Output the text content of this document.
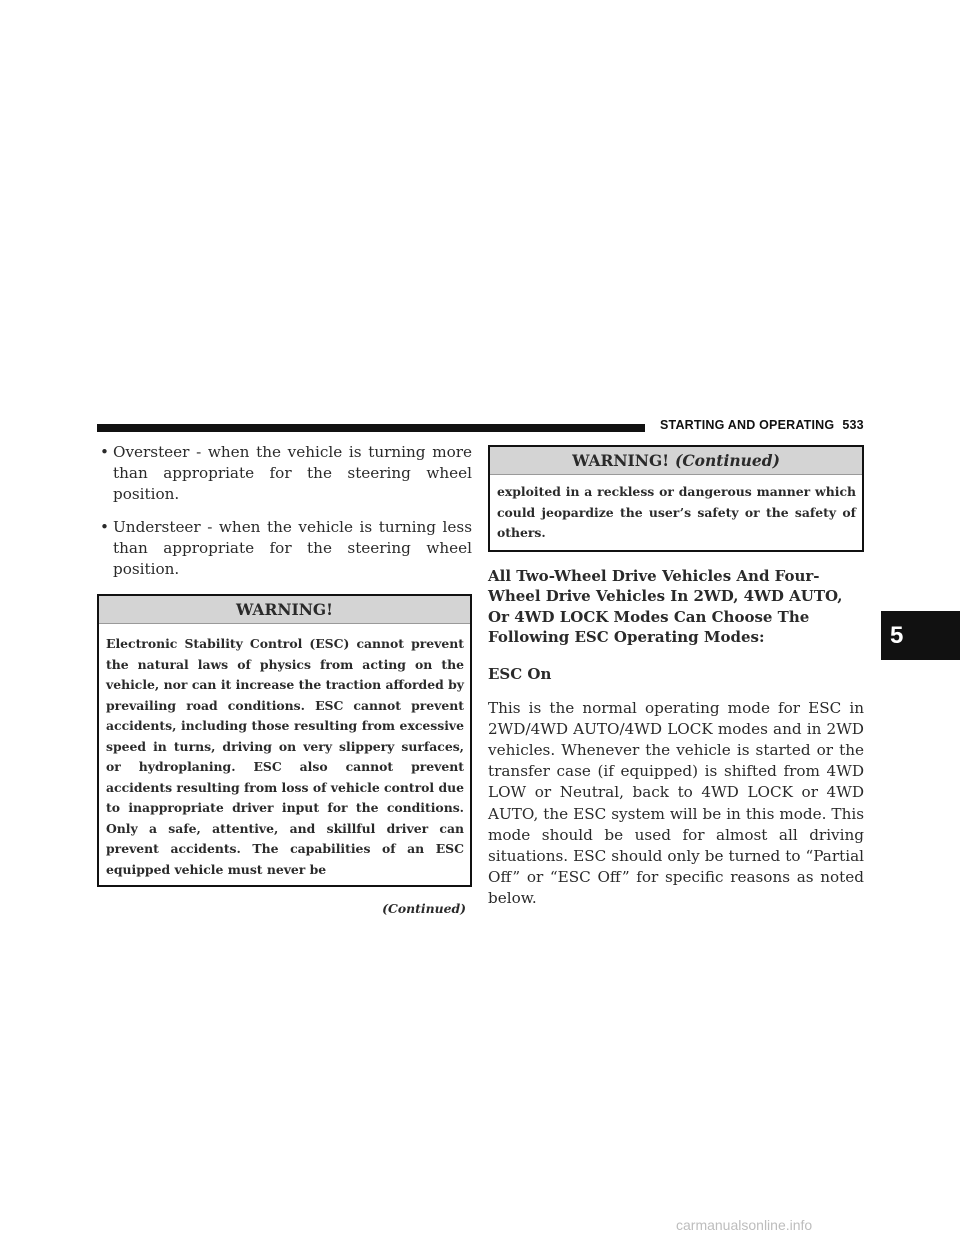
STARTING AND OPERATING 533
• Oversteer - when the vehicle is turning more than appropriate for the steering wheel position.
• Understeer - when the vehicle is turning less than appropriate for the steering wheel position.
WARNING!
Electronic Stability Control (ESC) cannot prevent the natural laws of physics from acting on the vehicle, nor can it increase the traction afforded by prevailing road conditions. ESC cannot prevent accidents, including those resulting from excessive speed in turns, driving on very slippery surfaces, or hydroplaning. ESC also cannot prevent accidents resulting from loss of vehicle control due to inappropriate driver input for the conditions. Only a safe, attentive, and skillful driver can prevent accidents. The capabilities of an ESC equipped vehicle must never be
(Continued)
WARNING! (Continued)
exploited in a reckless or dangerous manner which could jeopardize the user’s safety or the safety of others.
All Two-Wheel Drive Vehicles And Four-Wheel Drive Vehicles In 2WD, 4WD AUTO, Or 4WD LOCK Modes Can Choose The Following ESC Operating Modes:
ESC On
This is the normal operating mode for ESC in 2WD/4WD AUTO/4WD LOCK modes and in 2WD vehicles. Whenever the vehicle is started or the transfer case (if equipped) is shifted from 4WD LOW or Neutral, back to 4WD LOCK or 4WD AUTO, the ESC system will be in this mode. This mode should be used for almost all driving situations. ESC should only be turned to “Partial Off” or “ESC Off” for specific reasons as noted below.
5
carmanualsonline.info
